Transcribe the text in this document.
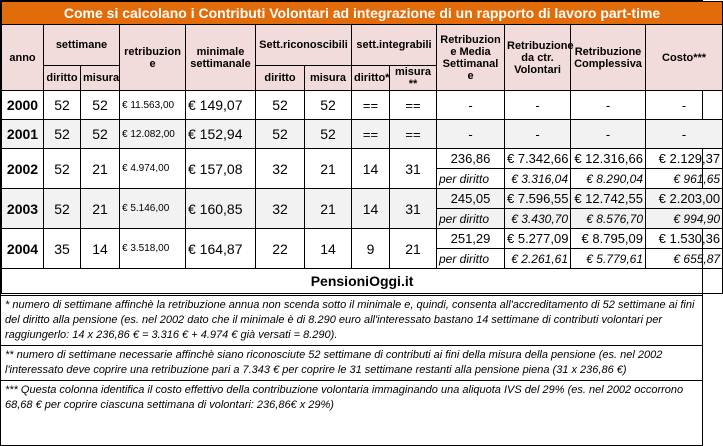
Come si calcolano i Contributi Volontari ad integrazione di un rapporto di lavoro part-time												
anno	settimane		retribuzion e	minimale settimanale	Sett.riconoscibili		sett.integrabili		Retribuzion e Media Settimanal e	Retribuzione da ctr. Volontari	Retribuzione Complessiva	Costo***
	diritto	misura			diritto	misura	diritto*	misura **				
2000	52	52	€ 11.563,00	€ 149,07	52	52	==	==	-	-	-	-
2001	52	52	€ 12.082,00	€ 152,94	52	52	==	==	-	-	-	-
2002	52	21	€ 4.974,00	€ 157,08	32	21	14	31	236,86	€ 7.342,66	€ 12.316,66	€ 2.129,37
									per diritto	€ 3.316,04	€ 8.290,04	€ 961,65
2003	52	21	€ 5.146,00	€ 160,85	32	21	14	31	245,05	€ 7.596,55	€ 12.742,55	€ 2.203,00
									per diritto	€ 3.430,70	€ 8.576,70	€ 994,90
2004	35	14	€ 3.518,00	€ 164,87	22	14	9	21	251,29	€ 5.277,09	€ 8.795,09	€ 1.530,36
									per diritto	€ 2.261,61	€ 5.779,61	€ 655,87
PensioniOggi.it												
* numero di settimane affinchè la retribuzione annua non scenda sotto il minimale e, quindi, consenta all'accreditamento di 52 settimane ai fini del diritto alla pensione (es. nel 2002 dato che il minimale è di 8.290 euro all'interessato bastano 14 settimane di contributi volontari per raggiungerlo: 14 x 236,86 € = 3.316 € + 4.974 € già versati = 8.290).
** numero di settimane necessarie affinchè siano riconosciute 52 settimane di contributi ai fini della misura della pensione (es. nel 2002 l'interessato deve coprire una retribuzione pari a 7.343 € per coprire le 31 settimane restanti alla pensione piena (31 x 236,86 €)
*** Questa colonna identifica il costo effettivo della contribuzione volontaria immaginando una aliquota IVS del 29% (es. nel 2002 occorrono 68,68 € per coprire ciascuna settimana di volontari: 236,86€ x 29%)
